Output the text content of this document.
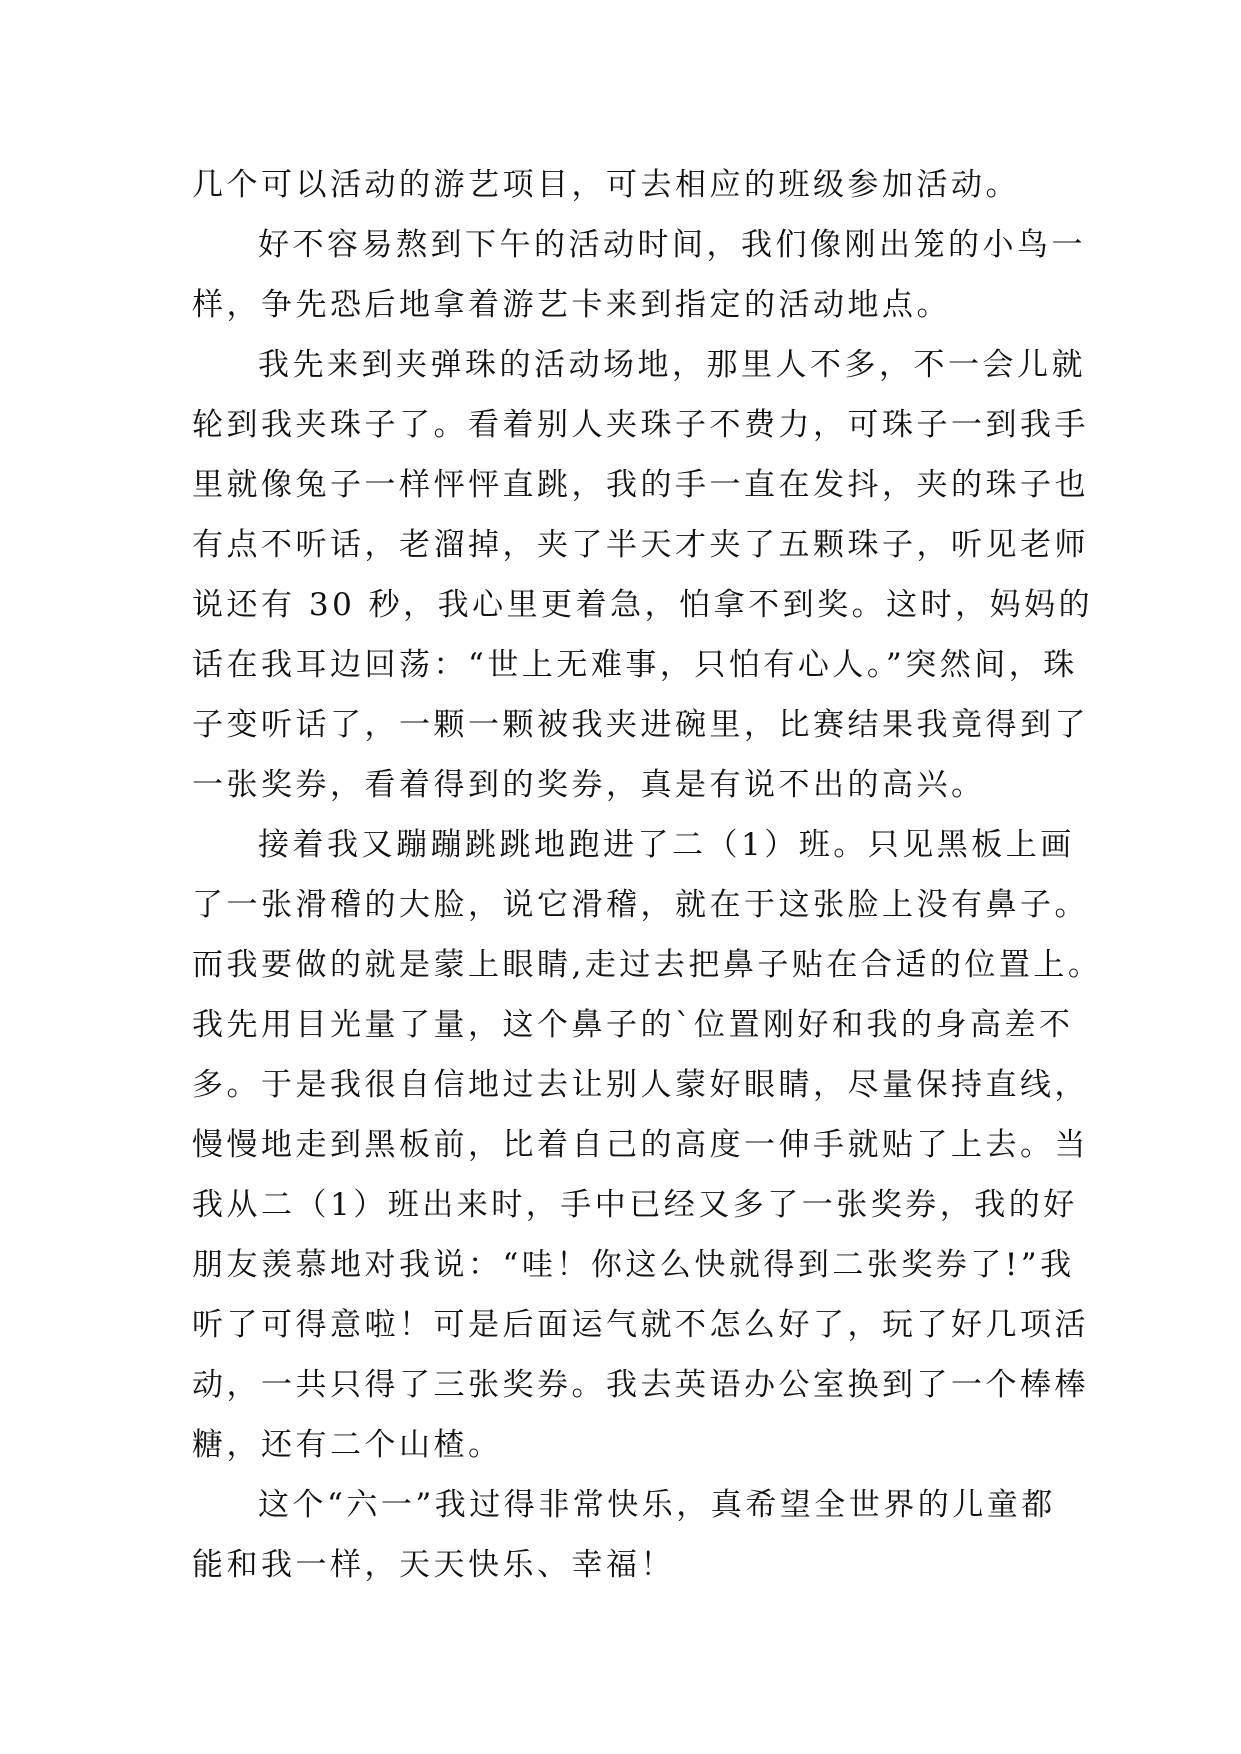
几个可以活动的游艺项目，可去相应的班级参加活动。
好不容易熬到下午的活动时间，我们像刚出笼的小鸟一
样，争先恐后地拿着游艺卡来到指定的活动地点。
我先来到夹弹珠的活动场地，那里人不多，不一会儿就
轮到我夹珠子了。看着别人夹珠子不费力，可珠子一到我手
里就像兔子一样怦怦直跳，我的手一直在发抖，夹的珠子也
有点不听话，老溜掉，夹了半天才夹了五颗珠子，听见老师
说还有 30 秒，我心里更着急，怕拿不到奖。这时，妈妈的
话在我耳边回荡：“世上无难事，只怕有心人。”突然间，珠
子变听话了，一颗一颗被我夹进碗里，比赛结果我竟得到了
一张奖券，看着得到的奖券，真是有说不出的高兴。
接着我又蹦蹦跳跳地跑进了二（1）班。只见黑板上画
了一张滑稽的大脸，说它滑稽，就在于这张脸上没有鼻子。
而我要做的就是蒙上眼睛,走过去把鼻子贴在合适的位置上。
我先用目光量了量，这个鼻子的`位置刚好和我的身高差不
多。于是我很自信地过去让别人蒙好眼睛，尽量保持直线，
慢慢地走到黑板前，比着自己的高度一伸手就贴了上去。当
我从二（1）班出来时，手中已经又多了一张奖券，我的好
朋友羡慕地对我说：“哇！你这么快就得到二张奖券了!”我
听了可得意啦！可是后面运气就不怎么好了，玩了好几项活
动，一共只得了三张奖券。我去英语办公室换到了一个棒棒
糖，还有二个山楂。
这个“六一”我过得非常快乐，真希望全世界的儿童都
能和我一样，天天快乐、幸福！
